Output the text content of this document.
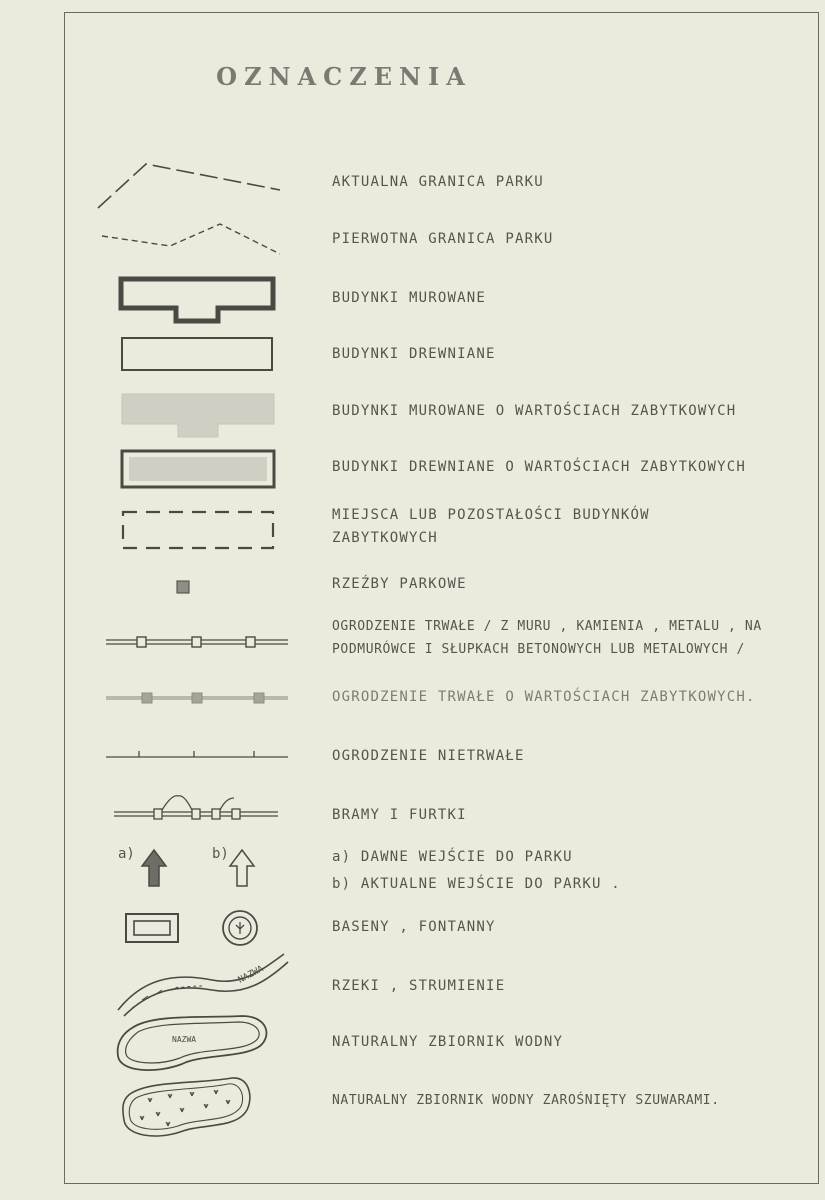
OZNACZENIA
AKTUALNA GRANICA PARKU
PIERWOTNA GRANICA PARKU
BUDYNKI MUROWANE
BUDYNKI DREWNIANE
BUDYNKI MUROWANE O WARTOŚCIACH ZABYTKOWYCH
BUDYNKI DREWNIANE O WARTOŚCIACH ZABYTKOWYCH
MIEJSCA LUB POZOSTAŁOŚCI BUDYNKÓW
ZABYTKOWYCH
RZEŹBY PARKOWE
OGRODZENIE TRWAŁE / Z MURU , KAMIENIA , METALU , NA
PODMURÓWCE I SŁUPKACH BETONOWYCH LUB METALOWYCH /
OGRODZENIE TRWAŁE O WARTOŚCIACH ZABYTKOWYCH.
OGRODZENIE NIETRWAŁE
BRAMY I FURTKI
a)	b)	a) DAWNE WEJŚCIE DO PARKU
b) AKTUALNE WEJŚCIE DO PARKU .
BASENY , FONTANNY
NAZWA
RZEKI , STRUMIENIE
NAZWA	NATURALNY ZBIORNIK WODNY
NATURALNY ZBIORNIK WODNY ZAROŚNIĘTY SZUWARAMI.
